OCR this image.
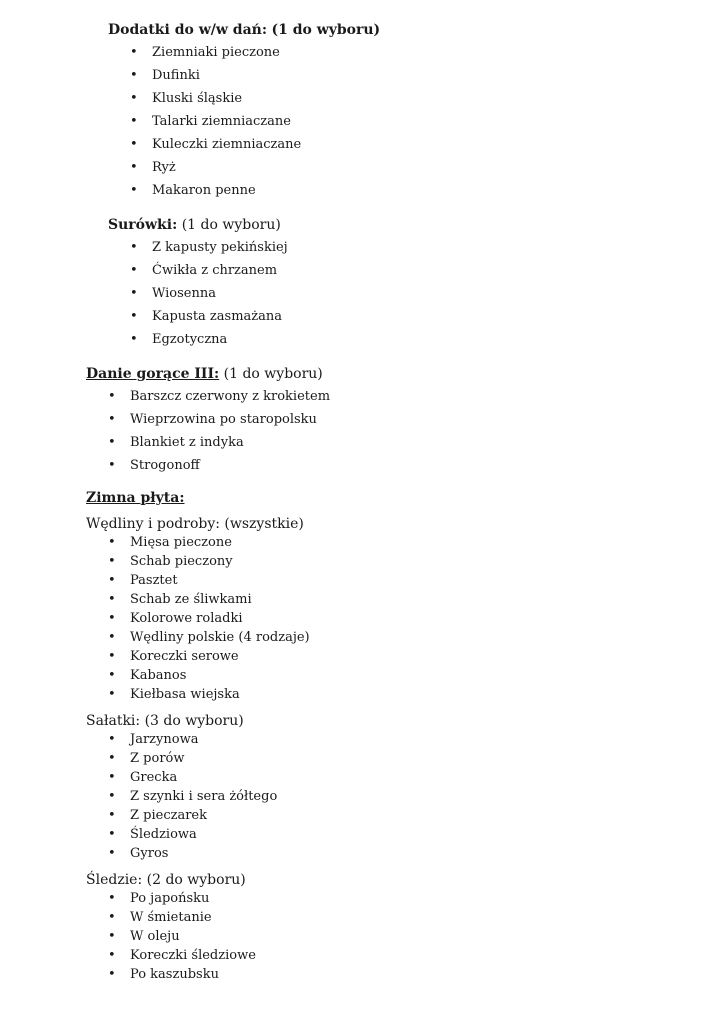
Dodatki do w/w dań: (1 do wyboru)
• Ziemniaki pieczone
• Dufinki
• Kluski śląskie
• Talarki ziemniaczane
• Kuleczki ziemniaczane
• Ryż
• Makaron penne
Surówki: (1 do wyboru)
• Z kapusty pekińskiej
• Ćwikła z chrzanem
• Wiosenna
• Kapusta zasmażana
• Egzotyczna
Danie gorące III: (1 do wyboru)
• Barszcz czerwony z krokietem
• Wieprzowina po staropolsku
• Blankiet z indyka
• Strogonoff
Zimna płyta:
Wędliny i podroby: (wszystkie)
• Mięsa pieczone
• Schab pieczony
• Pasztet
• Schab ze śliwkami
• Kolorowe roladki
• Wędliny polskie (4 rodzaje)
• Koreczki serowe
• Kabanos
• Kiełbasa wiejska
Sałatki: (3 do wyboru)
• Jarzynowa
• Z porów
• Grecka
• Z szynki i sera żółtego
• Z pieczarek
• Śledziowa
• Gyros
Śledzie: (2 do wyboru)
• Po japońsku
• W śmietanie
• W oleju
• Koreczki śledziowe
• Po kaszubsku
